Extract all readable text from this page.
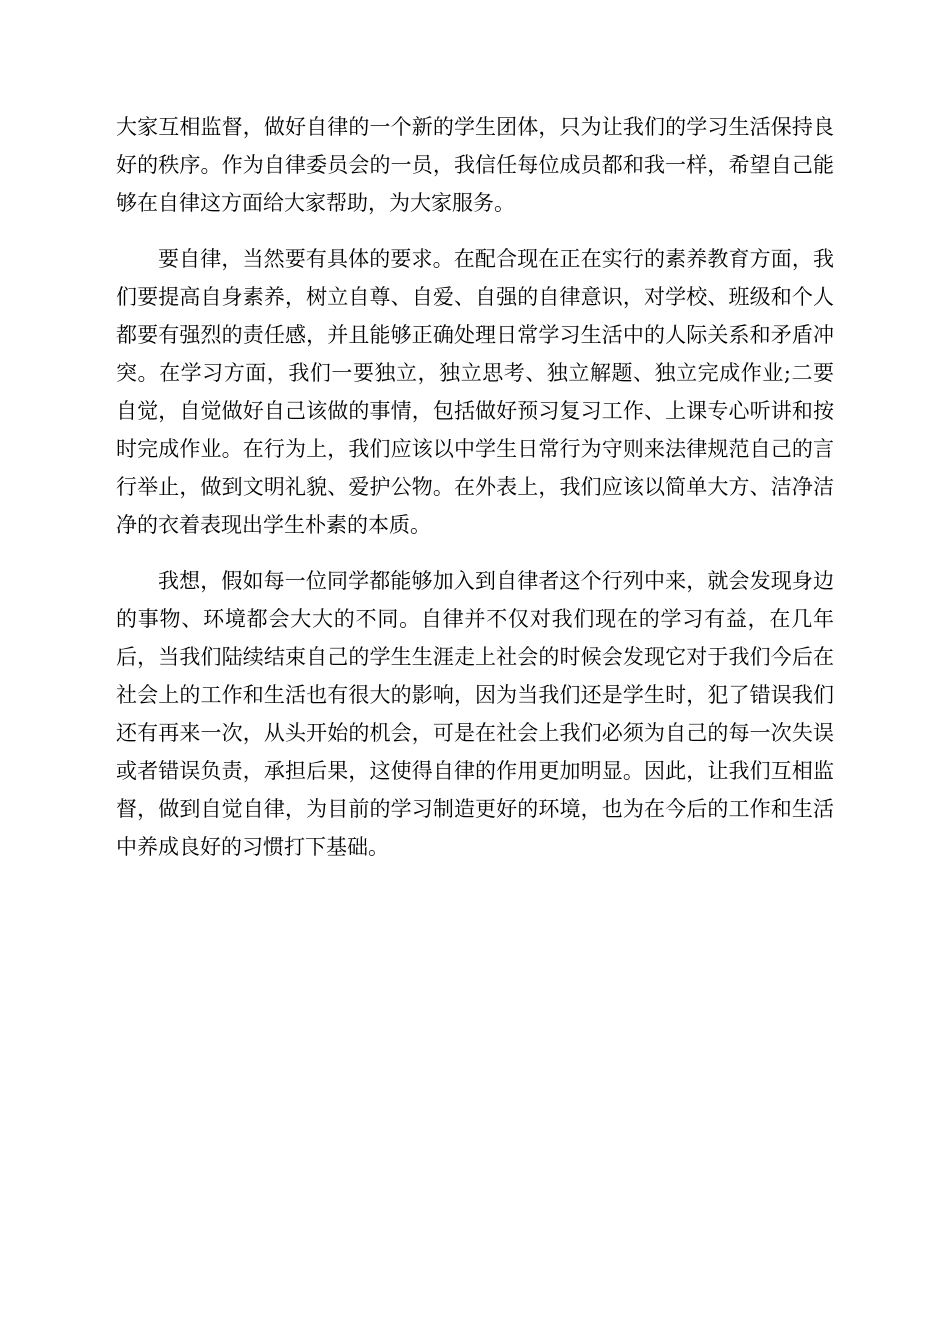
大家互相监督，做好自律的一个新的学生团体，只为让我们的学习生活保持良好的秩序。作为自律委员会的一员，我信任每位成员都和我一样，希望自己能够在自律这方面给大家帮助，为大家服务。

要自律，当然要有具体的要求。在配合现在正在实行的素养教育方面，我们要提高自身素养，树立自尊、自爱、自强的自律意识，对学校、班级和个人都要有强烈的责任感，并且能够正确处理日常学习生活中的人际关系和矛盾冲突。在学习方面，我们一要独立，独立思考、独立解题、独立完成作业;二要自觉，自觉做好自己该做的事情，包括做好预习复习工作、上课专心听讲和按时完成作业。在行为上，我们应该以中学生日常行为守则来法律规范自己的言行举止，做到文明礼貌、爱护公物。在外表上，我们应该以简单大方、洁净洁净的衣着表现出学生朴素的本质。

我想，假如每一位同学都能够加入到自律者这个行列中来，就会发现身边的事物、环境都会大大的不同。自律并不仅对我们现在的学习有益，在几年后，当我们陆续结束自己的学生生涯走上社会的时候会发现它对于我们今后在社会上的工作和生活也有很大的影响，因为当我们还是学生时，犯了错误我们还有再来一次，从头开始的机会，可是在社会上我们必须为自己的每一次失误或者错误负责，承担后果，这使得自律的作用更加明显。因此，让我们互相监督，做到自觉自律，为目前的学习制造更好的环境，也为在今后的工作和生活中养成良好的习惯打下基础。
